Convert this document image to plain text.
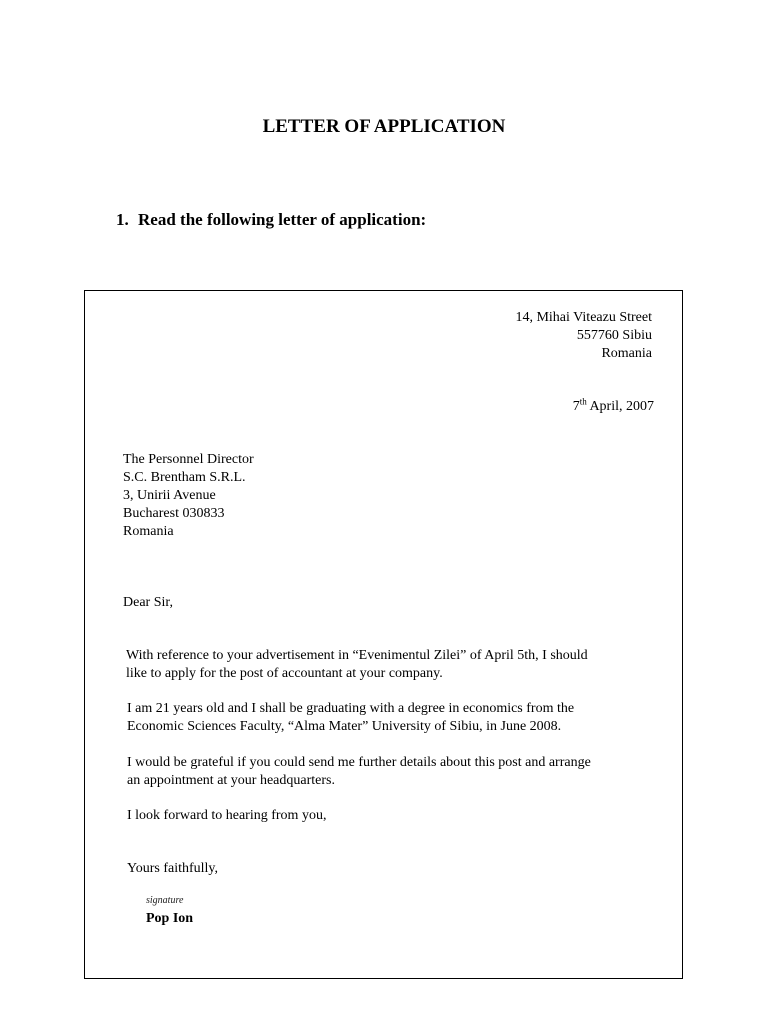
LETTER OF APPLICATION

1. Read the following letter of application:

14, Mihai Viteazu Street

557760 Sibiu

Romania

7th April, 2007

The Personnel Director

S.C. Brentham S.R.L.

3, Unirii Avenue

Bucharest 030833

Romania

Dear Sir,

With reference to your advertisement in “Evenimentul Zilei” of April 5th, I should

like to apply for the post of accountant at your company.

I am 21 years old and I shall be graduating with a degree in economics from the

Economic Sciences Faculty, “Alma Mater” University of Sibiu, in June 2008.

I would be grateful if you could send me further details about this post and arrange

an appointment at your headquarters.

I look forward to hearing from you,

Yours faithfully,

signature
Pop Ion
